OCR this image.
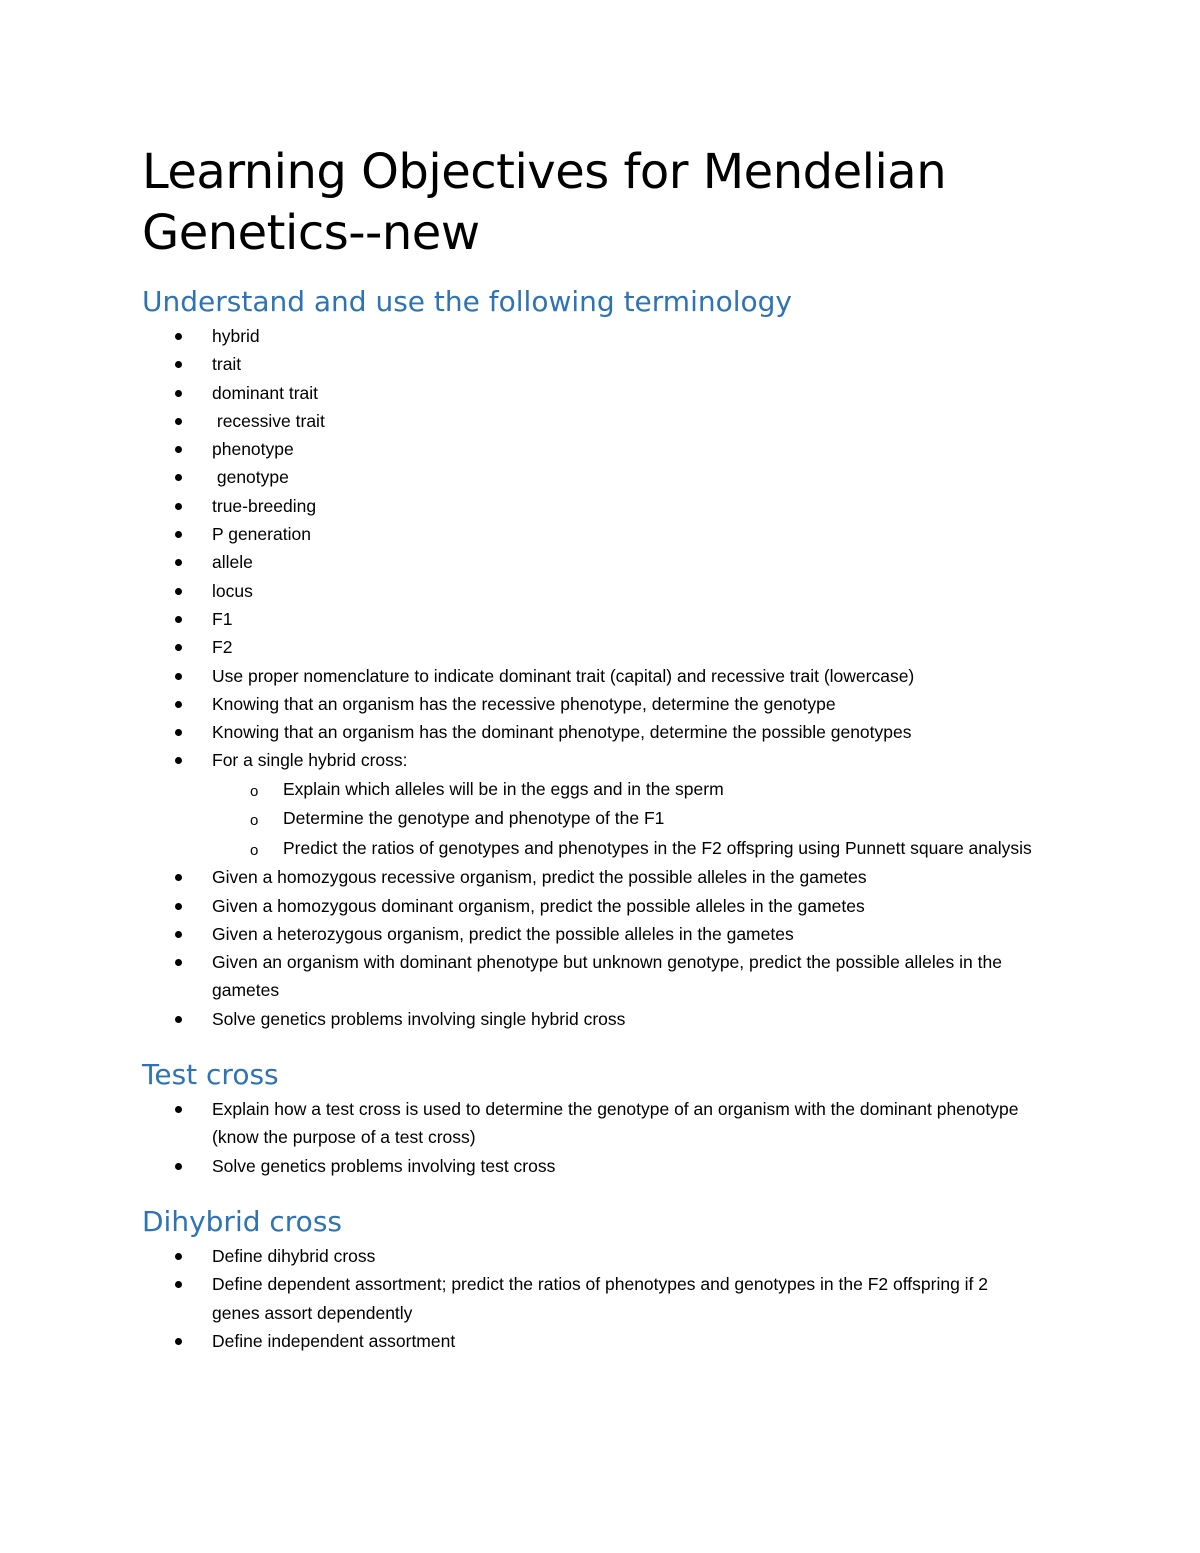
Learning Objectives for Mendelian Genetics--new
Understand and use the following terminology
hybrid
trait
dominant trait
recessive trait
phenotype
genotype
true-breeding
P generation
allele
locus
F1
F2
Use proper nomenclature to indicate dominant trait (capital) and recessive trait (lowercase)
Knowing that an organism has the recessive phenotype, determine the genotype
Knowing that an organism has the dominant phenotype, determine the possible genotypes
For a single hybrid cross:
o Explain which alleles will be in the eggs and in the sperm
o Determine the genotype and phenotype of the F1
o Predict the ratios of genotypes and phenotypes in the F2 offspring using Punnett square analysis
Given a homozygous recessive organism, predict the possible alleles in the gametes
Given a homozygous dominant organism, predict the possible alleles in the gametes
Given a heterozygous organism, predict the possible alleles in the gametes
Given an organism with dominant phenotype but unknown genotype, predict the possible alleles in the gametes
Solve genetics problems involving single hybrid cross
Test cross
Explain how a test cross is used to determine the genotype of an organism with the dominant phenotype (know the purpose of a test cross)
Solve genetics problems involving test cross
Dihybrid cross
Define dihybrid cross
Define dependent assortment; predict the ratios of phenotypes and genotypes in the F2 offspring if 2 genes assort dependently
Define independent assortment
